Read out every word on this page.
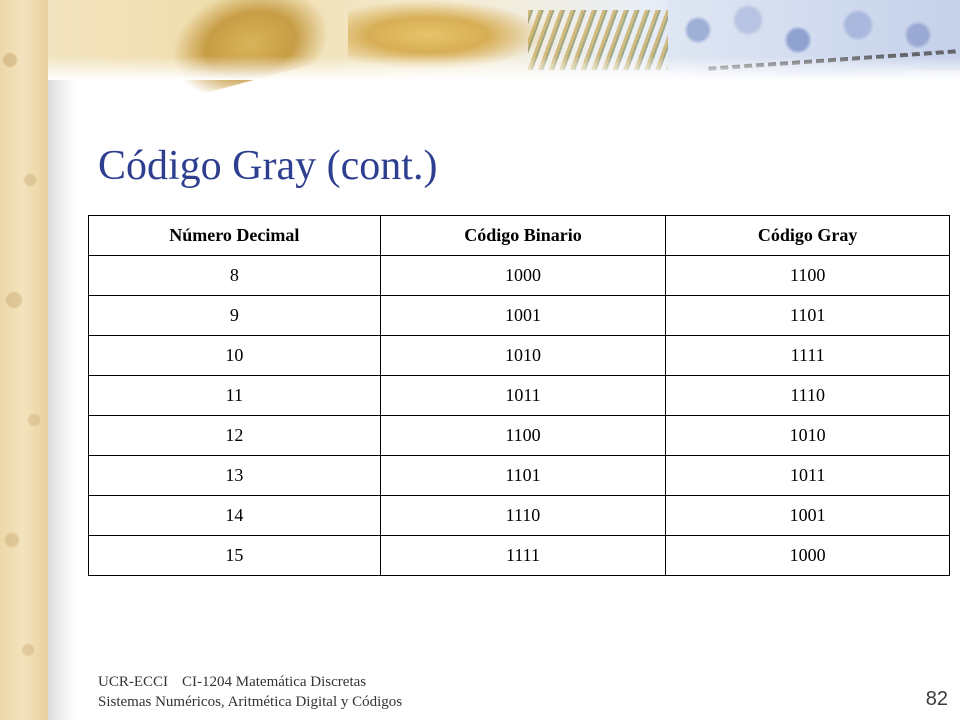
Código Gray (cont.)
Número Decimal	Código Binario	Código Gray
8	1000	1100
9	1001	1101
10	1010	1111
11	1011	1110
12	1100	1010
13	1101	1011
14	1110	1001
15	1111	1000
UCR-ECCI CI-1204 Matemática Discretas
Sistemas Numéricos, Aritmética Digital y Códigos	82
